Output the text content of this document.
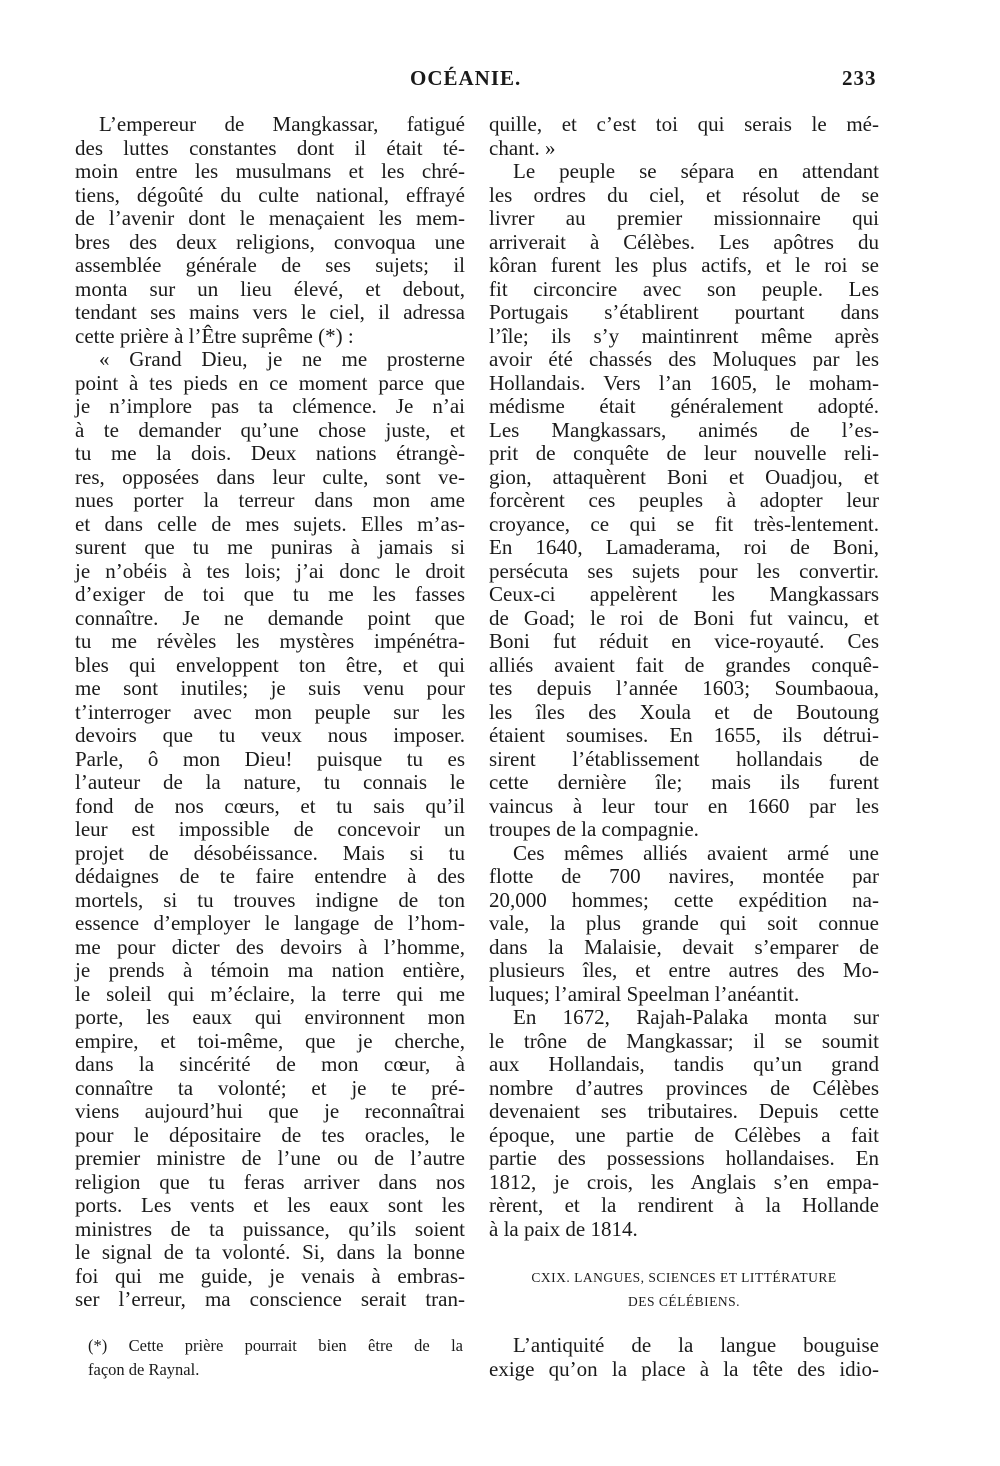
OCÉANIE.	233
L’empereur de Mangkassar, fatigué
des luttes constantes dont il était té-
moin entre les musulmans et les chré-
tiens, dégoûté du culte national, effrayé
de l’avenir dont le menaçaient les mem-
bres des deux religions, convoqua une
assemblée générale de ses sujets; il
monta sur un lieu élevé, et debout,
tendant ses mains vers le ciel, il adressa
cette prière à l’Être suprême (*) :
« Grand Dieu, je ne me prosterne
point à tes pieds en ce moment parce que
je n’implore pas ta clémence. Je n’ai
à te demander qu’une chose juste, et
tu me la dois. Deux nations étrangè-
res, opposées dans leur culte, sont ve-
nues porter la terreur dans mon ame
et dans celle de mes sujets. Elles m’as-
surent que tu me puniras à jamais si
je n’obéis à tes lois; j’ai donc le droit
d’exiger de toi que tu me les fasses
connaître. Je ne demande point que
tu me révèles les mystères impénétra-
bles qui enveloppent ton être, et qui
me sont inutiles; je suis venu pour
t’interroger avec mon peuple sur les
devoirs que tu veux nous imposer.
Parle, ô mon Dieu! puisque tu es
l’auteur de la nature, tu connais le
fond de nos cœurs, et tu sais qu’il
leur est impossible de concevoir un
projet de désobéissance. Mais si tu
dédaignes de te faire entendre à des
mortels, si tu trouves indigne de ton
essence d’employer le langage de l’hom-
me pour dicter des devoirs à l’homme,
je prends à témoin ma nation entière,
le soleil qui m’éclaire, la terre qui me
porte, les eaux qui environnent mon
empire, et toi-même, que je cherche,
dans la sincérité de mon cœur, à
connaître ta volonté; et je te pré-
viens aujourd’hui que je reconnaîtrai
pour le dépositaire de tes oracles, le
premier ministre de l’une ou de l’autre
religion que tu feras arriver dans nos
ports. Les vents et les eaux sont les
ministres de ta puissance, qu’ils soient
le signal de ta volonté. Si, dans la bonne
foi qui me guide, je venais à embras-
ser l’erreur, ma conscience serait tran-
(*) Cette prière pourrait bien être de la
façon de Raynal.
quille, et c’est toi qui serais le mé-
chant. »
Le peuple se sépara en attendant
les ordres du ciel, et résolut de se
livrer au premier missionnaire qui
arriverait à Célèbes. Les apôtres du
kôran furent les plus actifs, et le roi se
fit circoncire avec son peuple. Les
Portugais s’établirent pourtant dans
l’île; ils s’y maintinrent même après
avoir été chassés des Moluques par les
Hollandais. Vers l’an 1605, le moham-
médisme était généralement adopté.
Les Mangkassars, animés de l’es-
prit de conquête de leur nouvelle reli-
gion, attaquèrent Boni et Ouadjou, et
forcèrent ces peuples à adopter leur
croyance, ce qui se fit très-lentement.
En 1640, Lamaderama, roi de Boni,
persécuta ses sujets pour les convertir.
Ceux-ci appelèrent les Mangkassars
de Goad; le roi de Boni fut vaincu, et
Boni fut réduit en vice-royauté. Ces
alliés avaient fait de grandes conquê-
tes depuis l’année 1603; Soumbaoua,
les îles des Xoula et de Boutoung
étaient soumises. En 1655, ils détrui-
sirent l’établissement hollandais de
cette dernière île; mais ils furent
vaincus à leur tour en 1660 par les
troupes de la compagnie.
Ces mêmes alliés avaient armé une
flotte de 700 navires, montée par
20,000 hommes; cette expédition na-
vale, la plus grande qui soit connue
dans la Malaisie, devait s’emparer de
plusieurs îles, et entre autres des Mo-
luques; l’amiral Speelman l’anéantit.
En 1672, Rajah-Palaka monta sur
le trône de Mangkassar; il se soumit
aux Hollandais, tandis qu’un grand
nombre d’autres provinces de Célèbes
devenaient ses tributaires. Depuis cette
époque, une partie de Célèbes a fait
partie des possessions hollandaises. En
1812, je crois, les Anglais s’en empa-
rèrent, et la rendirent à la Hollande
à la paix de 1814.
CXIX. LANGUES, SCIENCES ET LITTÉRATURE
DES CÉLÉBIENS.
L’antiquité de la langue bouguise
exige qu’on la place à la tête des idio-
